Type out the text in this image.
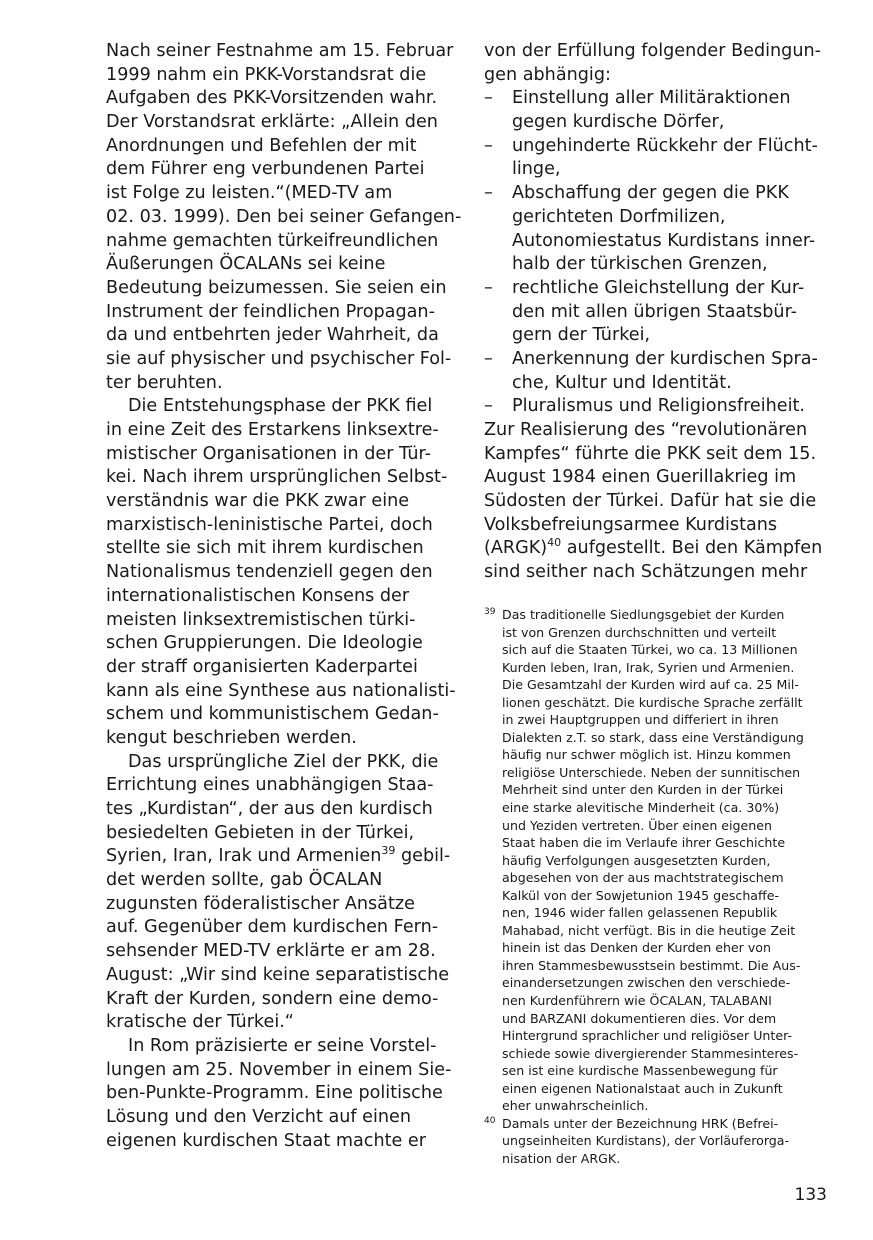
Nach seiner Festnahme am 15. Februar
1999 nahm ein PKK-Vorstandsrat die
Aufgaben des PKK-Vorsitzenden wahr.
Der Vorstandsrat erklärte: „Allein den
Anordnungen und Befehlen der mit
dem Führer eng verbundenen Partei
ist Folge zu leisten.“(MED-TV am
02. 03. 1999). Den bei seiner Gefangen-
nahme gemachten türkeifreundlichen
Äußerungen ÖCALANs sei keine
Bedeutung beizumessen. Sie seien ein
Instrument der feindlichen Propagan-
da und entbehrten jeder Wahrheit, da
sie auf physischer und psychischer Fol-
ter beruhten.
Die Entstehungsphase der PKK fiel
in eine Zeit des Erstarkens linksextre-
mistischer Organisationen in der Tür-
kei. Nach ihrem ursprünglichen Selbst-
verständnis war die PKK zwar eine
marxistisch-leninistische Partei, doch
stellte sie sich mit ihrem kurdischen
Nationalismus tendenziell gegen den
internationalistischen Konsens der
meisten linksextremistischen türki-
schen Gruppierungen. Die Ideologie
der straff organisierten Kaderpartei
kann als eine Synthese aus nationalisti-
schem und kommunistischem Gedan-
kengut beschrieben werden.
Das ursprüngliche Ziel der PKK, die
Errichtung eines unabhängigen Staa-
tes „Kurdistan“, der aus den kurdisch
besiedelten Gebieten in der Türkei,
Syrien, Iran, Irak und Armenien$^{39}$ gebil-
det werden sollte, gab ÖCALAN
zugunsten föderalistischer Ansätze
auf. Gegenüber dem kurdischen Fern-
sehsender MED-TV erklärte er am 28.
August: „Wir sind keine separatistische
Kraft der Kurden, sondern eine demo-
kratische der Türkei.“
In Rom präzisierte er seine Vorstel-
lungen am 25. November in einem Sie-
ben-Punkte-Programm. Eine politische
Lösung und den Verzicht auf einen
eigenen kurdischen Staat machte er
von der Erfüllung folgender Bedingun-
gen abhängig:
– Einstellung aller Militäraktionen
gegen kurdische Dörfer,
– ungehinderte Rückkehr der Flücht-
linge,
– Abschaffung der gegen die PKK
gerichteten Dorfmilizen,
Autonomiestatus Kurdistans inner-
halb der türkischen Grenzen,
– rechtliche Gleichstellung der Kur-
den mit allen übrigen Staatsbür-
gern der Türkei,
– Anerkennung der kurdischen Spra-
che, Kultur und Identität.
– Pluralismus und Religionsfreiheit.
Zur Realisierung des “revolutionären
Kampfes“ führte die PKK seit dem 15.
August 1984 einen Guerillakrieg im
Südosten der Türkei. Dafür hat sie die
Volksbefreiungsarmee Kurdistans
(ARGK)$^{40}$ aufgestellt. Bei den Kämpfen
sind seither nach Schätzungen mehr
39 Das traditionelle Siedlungsgebiet der Kurden
ist von Grenzen durchschnitten und verteilt
sich auf die Staaten Türkei, wo ca. 13 Millionen
Kurden leben, Iran, Irak, Syrien und Armenien.
Die Gesamtzahl der Kurden wird auf ca. 25 Mil-
lionen geschätzt. Die kurdische Sprache zerfällt
in zwei Hauptgruppen und differiert in ihren
Dialekten z.T. so stark, dass eine Verständigung
häufig nur schwer möglich ist. Hinzu kommen
religiöse Unterschiede. Neben der sunnitischen
Mehrheit sind unter den Kurden in der Türkei
eine starke alevitische Minderheit (ca. 30%)
und Yeziden vertreten. Über einen eigenen
Staat haben die im Verlaufe ihrer Geschichte
häufig Verfolgungen ausgesetzten Kurden,
abgesehen von der aus machtstrategischem
Kalkül von der Sowjetunion 1945 geschaffe-
nen, 1946 wider fallen gelassenen Republik
Mahabad, nicht verfügt. Bis in die heutige Zeit
hinein ist das Denken der Kurden eher von
ihren Stammesbewusstsein bestimmt. Die Aus-
einandersetzungen zwischen den verschiede-
nen Kurdenführern wie ÖCALAN, TALABANI
und BARZANI dokumentieren dies. Vor dem
Hintergrund sprachlicher und religiöser Unter-
schiede sowie divergierender Stammesinteres-
sen ist eine kurdische Massenbewegung für
einen eigenen Nationalstaat auch in Zukunft
eher unwahrscheinlich.
40 Damals unter der Bezeichnung HRK (Befrei-
ungseinheiten Kurdistans), der Vorläuferorga-
nisation der ARGK.
133
